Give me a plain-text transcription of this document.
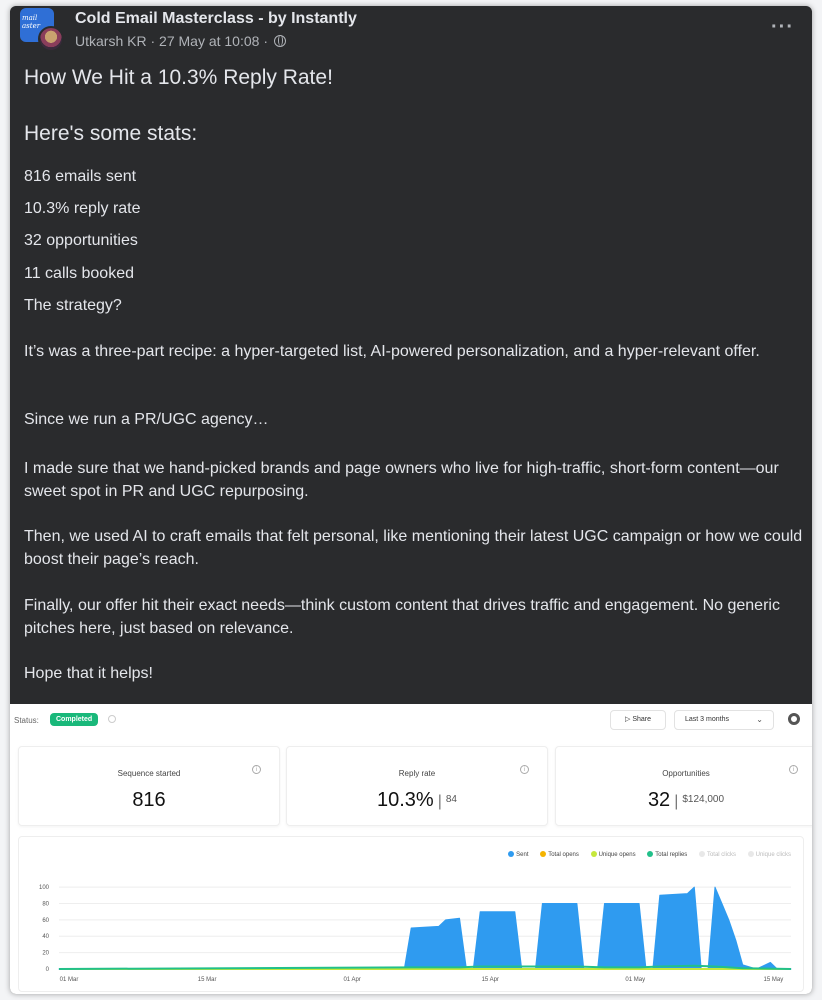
mail
aster Cold Email Masterclass - by Instantly
Utkarsh KR · 27 May at 10:08 ·
···
How We Hit a 10.3% Reply Rate!
Here's some stats:
816 emails sent
10.3% reply rate
32 opportunities
11 calls booked
The strategy?
It’s was a three-part recipe: a hyper-targeted list, AI-powered personalization, and a hyper-relevant offer.
Since we run a PR/UGC agency…
I made sure that we hand-picked brands and page owners who live for high-traffic, short-form content—our sweet spot in PR and UGC repurposing.
Then, we used AI to craft emails that felt personal, like mentioning their latest UGC campaign or how we could boost their page’s reach.
Finally, our offer hit their exact needs—think custom content that drives traffic and engagement. No generic pitches here, just based on relevance.
Hope that it helps!
Status:	Completed	▷ Share	Last 3 months	⌄
Sequence started	i
816
Reply rate	i
10.3% | $^{84}$
Opportunities	i
32 | $^{\$124,000}$
Sent	Total opens	Unique opens	Total replies	Total clicks	Unique clicks
0
20
40
60
80
100
01 Mar	15 Mar	01 Apr	15 Apr	01 May	15 May
